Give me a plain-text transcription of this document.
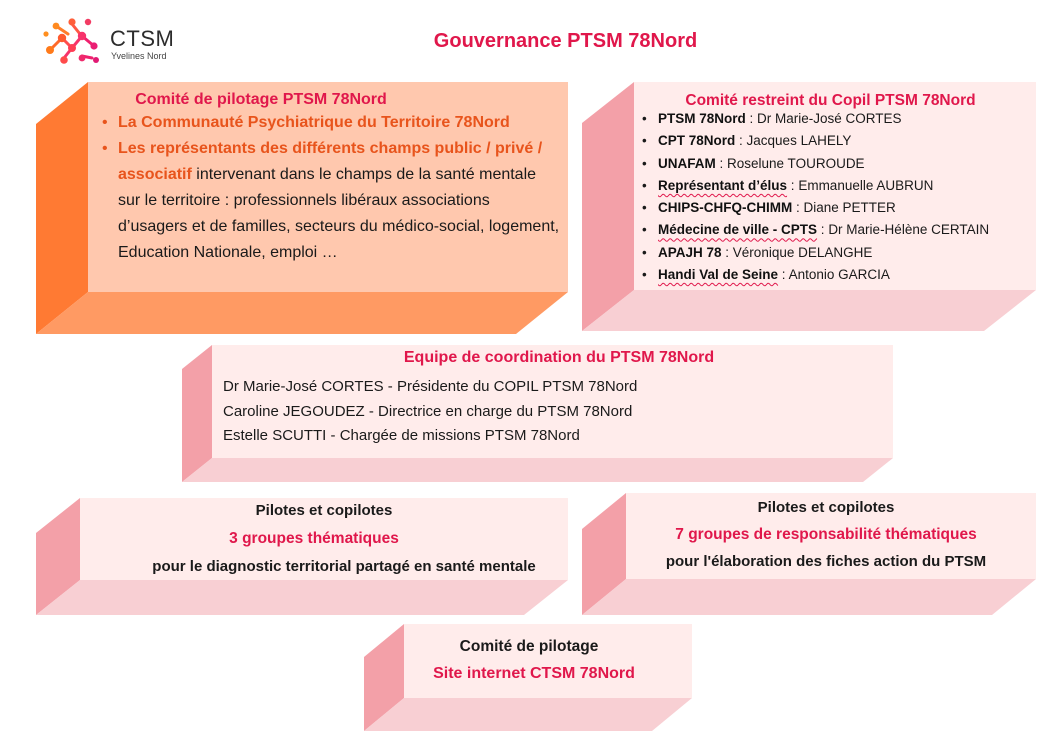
CTSM
Yvelines Nord
Gouvernance PTSM 78Nord
Comité de pilotage PTSM 78Nord
• La Communauté Psychiatrique du Territoire 78Nord
• Les représentants des différents champs public / privé / associatif intervenant dans le champs de la santé mentale sur le territoire : professionnels libéraux associations d’usagers et de familles, secteurs du médico-social, logement, Education Nationale, emploi …
Comité restreint du Copil PTSM 78Nord
• PTSM 78Nord : Dr Marie-José CORTES
• CPT 78Nord : Jacques LAHELY
• UNAFAM : Roselune TOUROUDE
• Représentant d’élus : Emmanuelle AUBRUN
• CHIPS-CHFQ-CHIMM : Diane PETTER
• Médecine de ville - CPTS : Dr Marie-Hélène CERTAIN
• APAJH 78 : Véronique DELANGHE
• Handi Val de Seine : Antonio GARCIA
Equipe de coordination du PTSM 78Nord
Dr Marie-José CORTES - Présidente du COPIL PTSM 78Nord
Caroline JEGOUDEZ - Directrice en charge du PTSM 78Nord
Estelle SCUTTI - Chargée de missions PTSM 78Nord
Pilotes et copilotes
3 groupes thématiques
pour le diagnostic territorial partagé en santé mentale
Pilotes et copilotes
7 groupes de responsabilité thématiques
pour l'élaboration des fiches action du PTSM
Comité de pilotage
Site internet CTSM 78Nord
